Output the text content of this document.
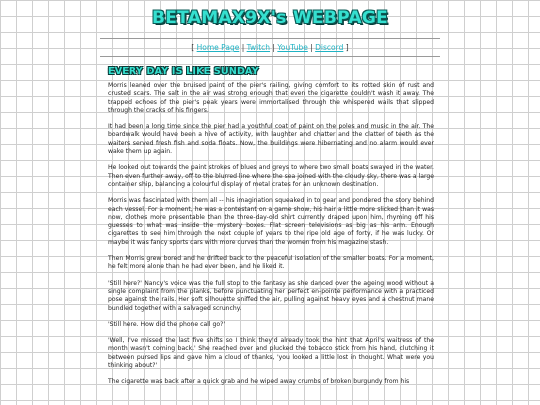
BETAMAX9X's WEBPAGE
[ Home Page | Twitch | YouTube | Discord ]
EVERY DAY IS LIKE SUNDAY

Morris leaned over the bruised paint of the pier's railing, giving comfort to its rotted skin of rust and crusted scars. The salt in the air was strong enough that even the cigarette couldn't wash it away. The trapped echoes of the pier's peak years were immortalised through the whispered wails that slipped through the cracks of his fingers.

It had been a long time since the pier had a youthful coat of paint on the poles and music in the air. The boardwalk would have been a hive of activity, with laughter and chatter and the clatter of teeth as the waiters served fresh fish and soda floats. Now, the buildings were hibernating and no alarm would ever wake them up again.

He looked out towards the paint strokes of blues and greys to where two small boats swayed in the water. Then even further away, off to the blurred line where the sea joined with the cloudy sky, there was a large container ship, balancing a colourful display of metal crates for an unknown destination.

Morris was fascinated with them all -- his imagination squeaked in to gear and pondered the story behind each vessel. For a moment, he was a contestant on a game show, his hair a little more slicked than it was now, clothes more presentable than the three-day-old shirt currently draped upon him, rhyming off his guesses to what was inside the mystery boxes. Flat screen televisions as big as his arm. Enough cigarettes to see him through the next couple of years to the ripe old age of forty, if he was lucky. Or maybe it was fancy sports cars with more curves than the women from his magazine stash.

Then Morris grew bored and he drifted back to the peaceful isolation of the smaller boats. For a moment, he felt more alone than he had ever been, and he liked it.

'Still here?' Nancy's voice was the full stop to the fantasy as she danced over the ageing wood without a single complaint from the planks, before punctuating her perfect en-pointe performance with a practiced pose against the rails. Her soft silhouette sniffed the air, pulling against heavy eyes and a chestnut mane bundled together with a salvaged scrunchy.

'Still here. How did the phone call go?'

'Well, I've missed the last five shifts so I think they'd already took the hint that April's waitress of the month wasn't coming back.' She reached over and plucked the tobacco stick from his hand, clutching it between pursed lips and gave him a cloud of thanks, 'you looked a little lost in thought. What were you thinking about?'

The cigarette was back after a quick grab and he wiped away crumbs of broken burgundy from his
